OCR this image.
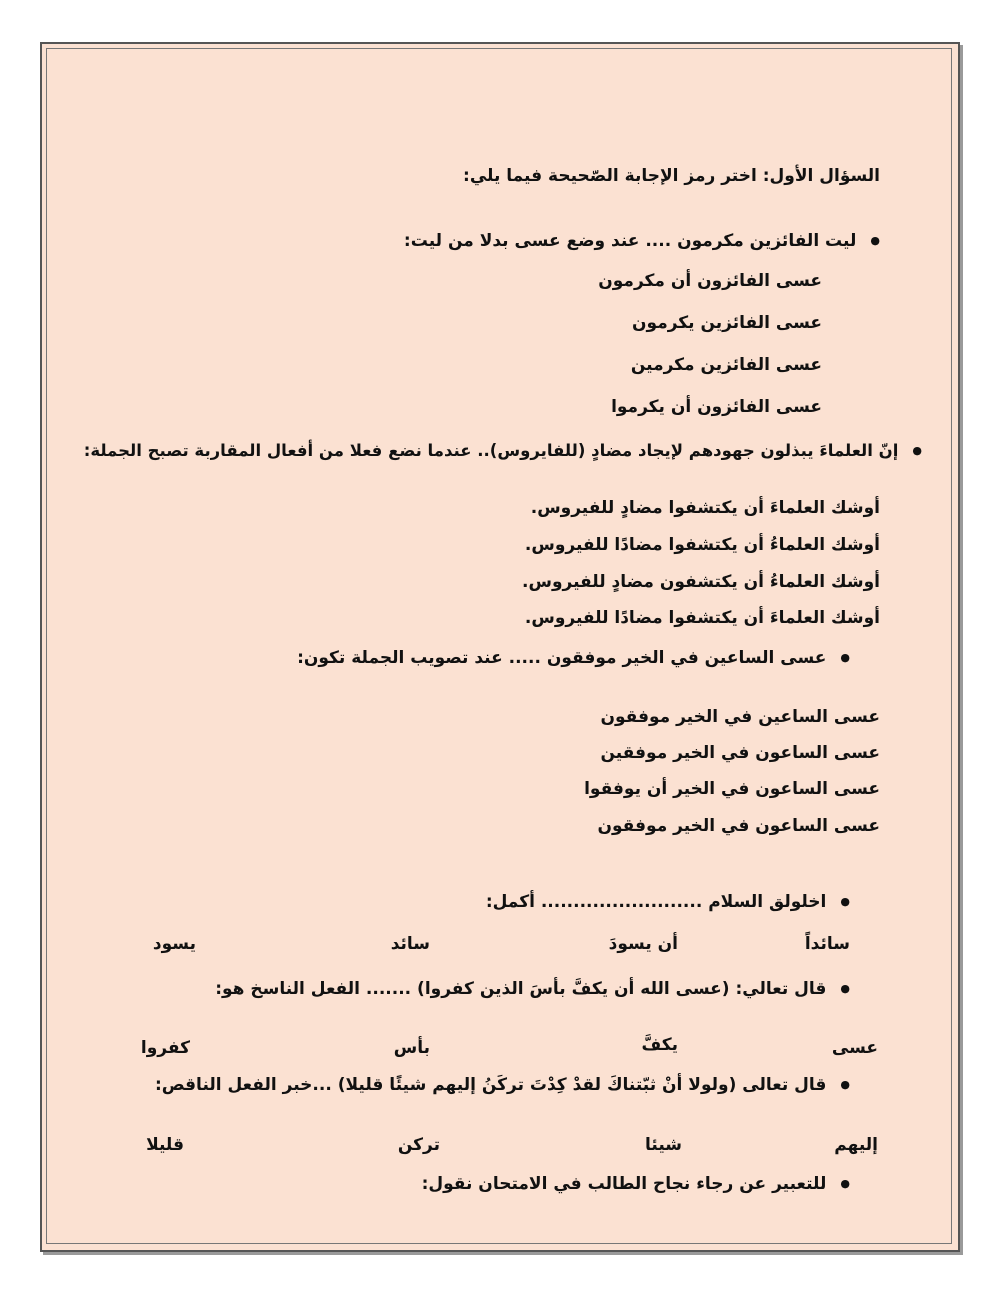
السؤال الأول: اختر رمز الإجابة الصّحيحة فيما يلي:
● ليت الفائزين مكرمون .... عند وضع عسى بدلا من ليت:
عسى الفائزون أن مكرمون
عسى الفائزين يكرمون
عسى الفائزين مكرمين
عسى الفائزون أن يكرموا
● إنّ العلماءَ يبذلون جهودهم لإيجاد مضادٍ (للفايروس).. عندما نضع فعلا من أفعال المقاربة تصبح الجملة:
أوشك العلماءَ أن يكتشفوا مضادٍ للفيروس.
أوشك العلماءُ أن يكتشفوا مضادًا للفيروس.
أوشك العلماءُ أن يكتشفون مضادٍ للفيروس.
أوشك العلماءَ أن يكتشفوا مضادًا للفيروس.
● عسى الساعين في الخير موفقون ..... عند تصويب الجملة تكون:
عسى الساعين في الخير موفقون
عسى الساعون في الخير موفقين
عسى الساعون في الخير أن يوفقوا
عسى الساعون في الخير موفقون
● اخلولق السلام ......................... أكمل:
سائداً
أن يسودَ
سائد
يسود
● قال تعالي: (عسى الله أن يكفَّ بأسَ الذين كفروا) ....... الفعل الناسخ هو:
عسى
يكفَّ
بأس
كفروا
● قال تعالى (ولولا أنْ ثبّتناكَ لقدْ كِدْتَ تركَنُ إليهم شيئًا قليلا) ...خبر الفعل الناقص:
إليهم
شيئا
تركن
قليلا
● للتعبير عن رجاء نجاح الطالب في الامتحان نقول:
